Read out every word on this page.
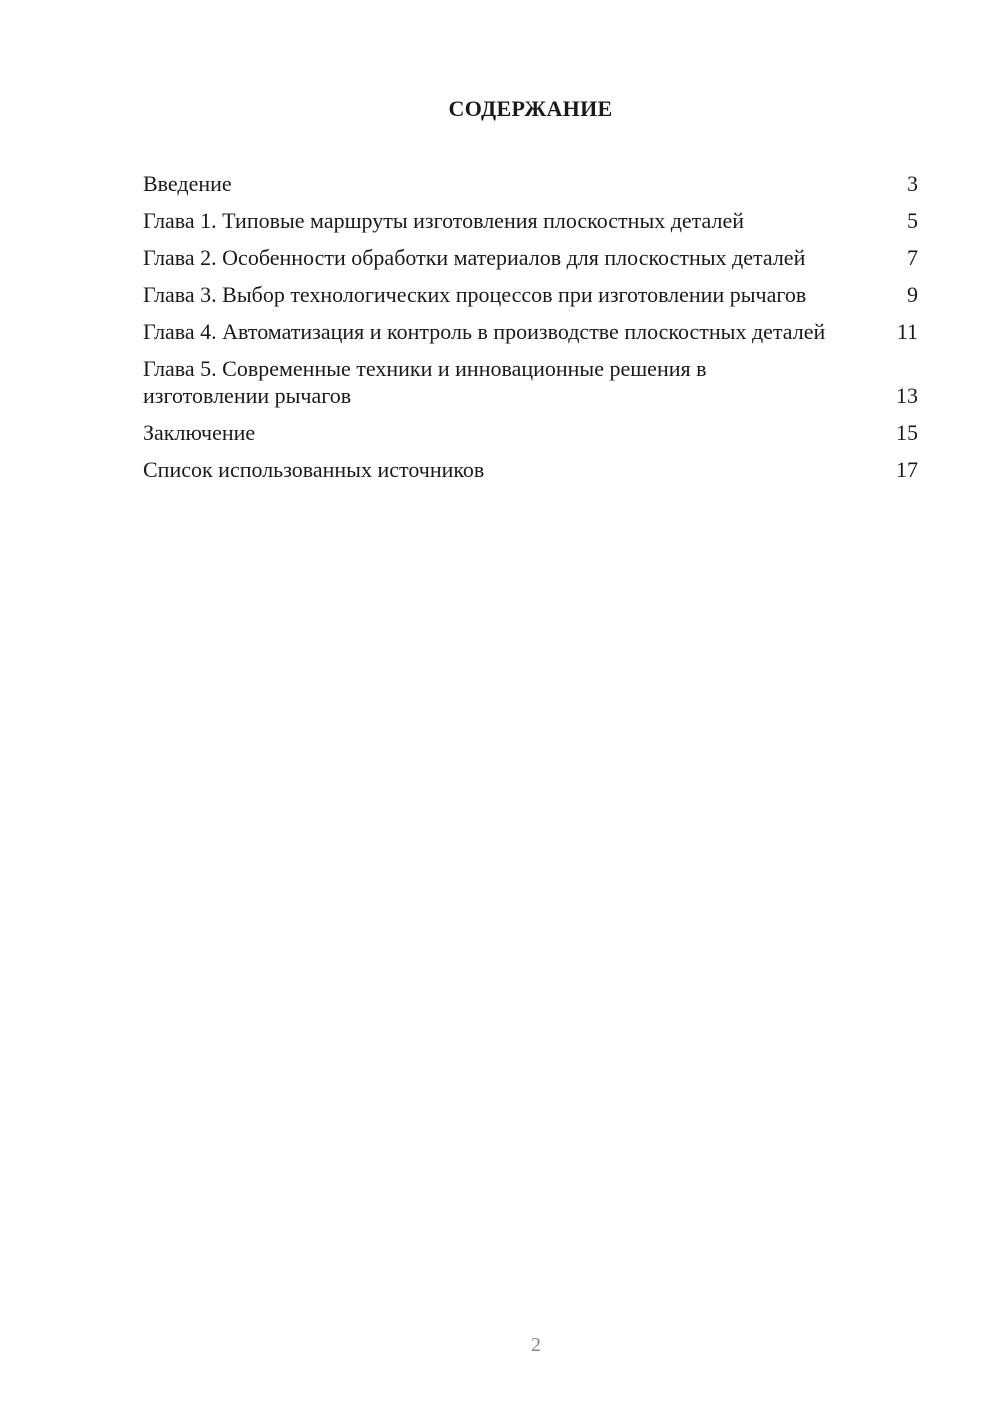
СОДЕРЖАНИЕ
Введение	3
Глава 1. Типовые маршруты изготовления плоскостных деталей	5
Глава 2. Особенности обработки материалов для плоскостных деталей	7
Глава 3. Выбор технологических процессов при изготовлении рычагов	9
Глава 4. Автоматизация и контроль в производстве плоскостных деталей	11
Глава 5. Современные техники и инновационные решения в изготовлении рычагов	13
Заключение	15
Список использованных источников	17
2
